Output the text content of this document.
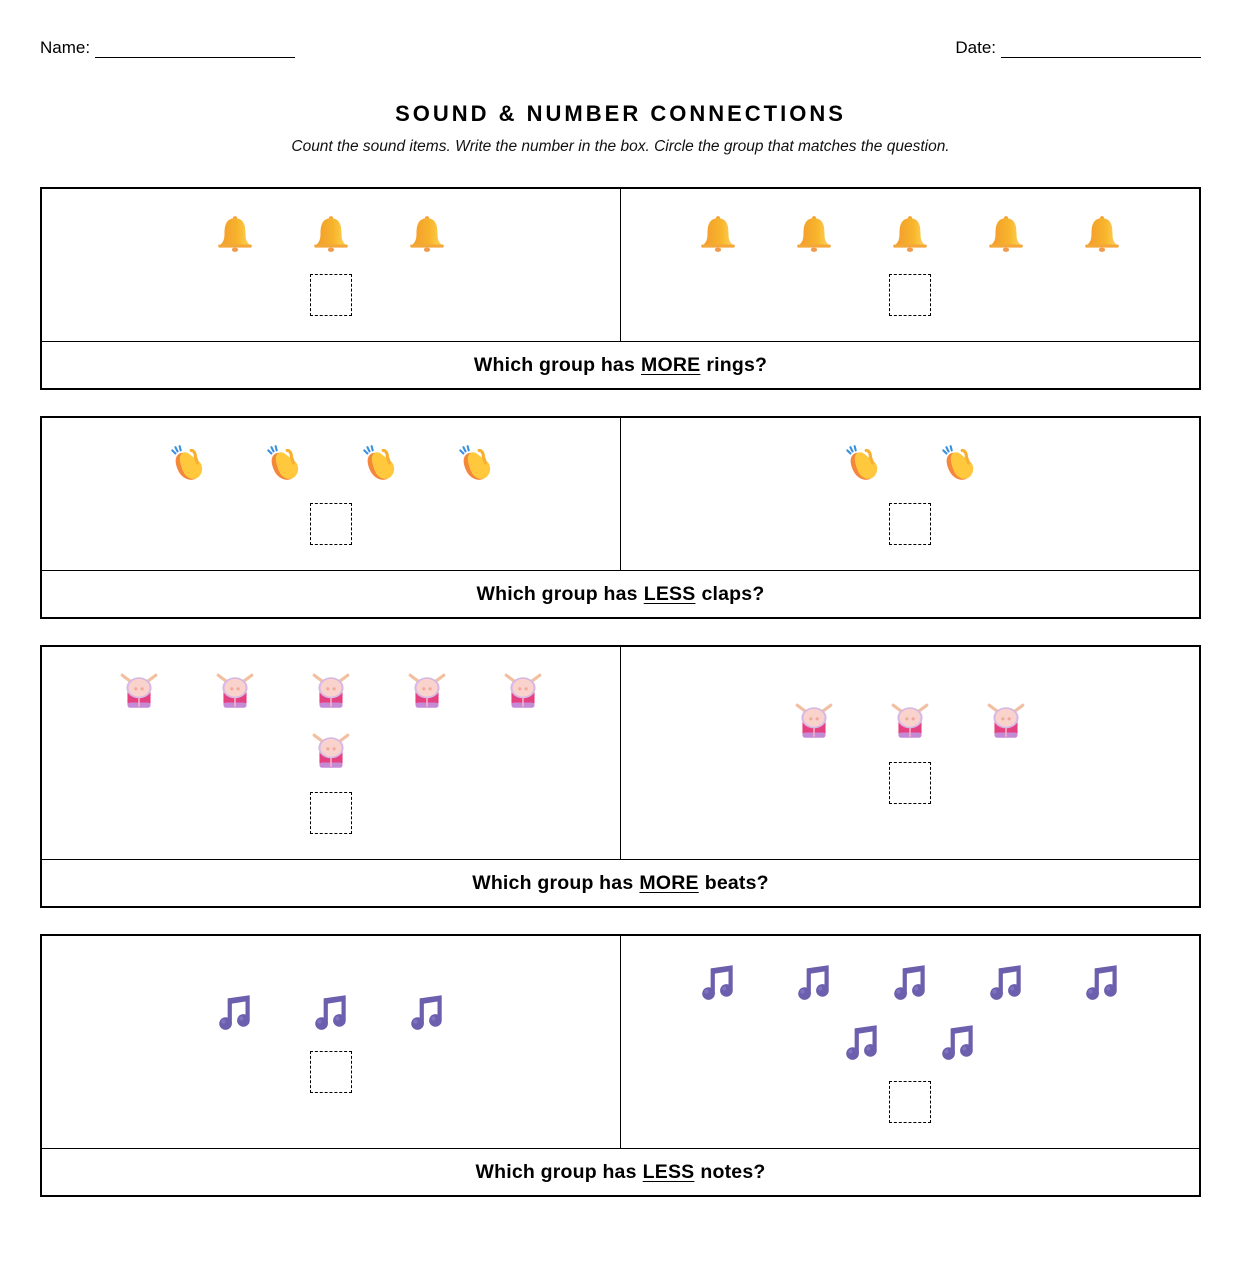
Name:	Date:
SOUND & NUMBER CONNECTIONS
Count the sound items. Write the number in the box. Circle the group that matches the question.
Which group has MORE rings?
Which group has LESS claps?
Which group has MORE beats?
Which group has LESS notes?
